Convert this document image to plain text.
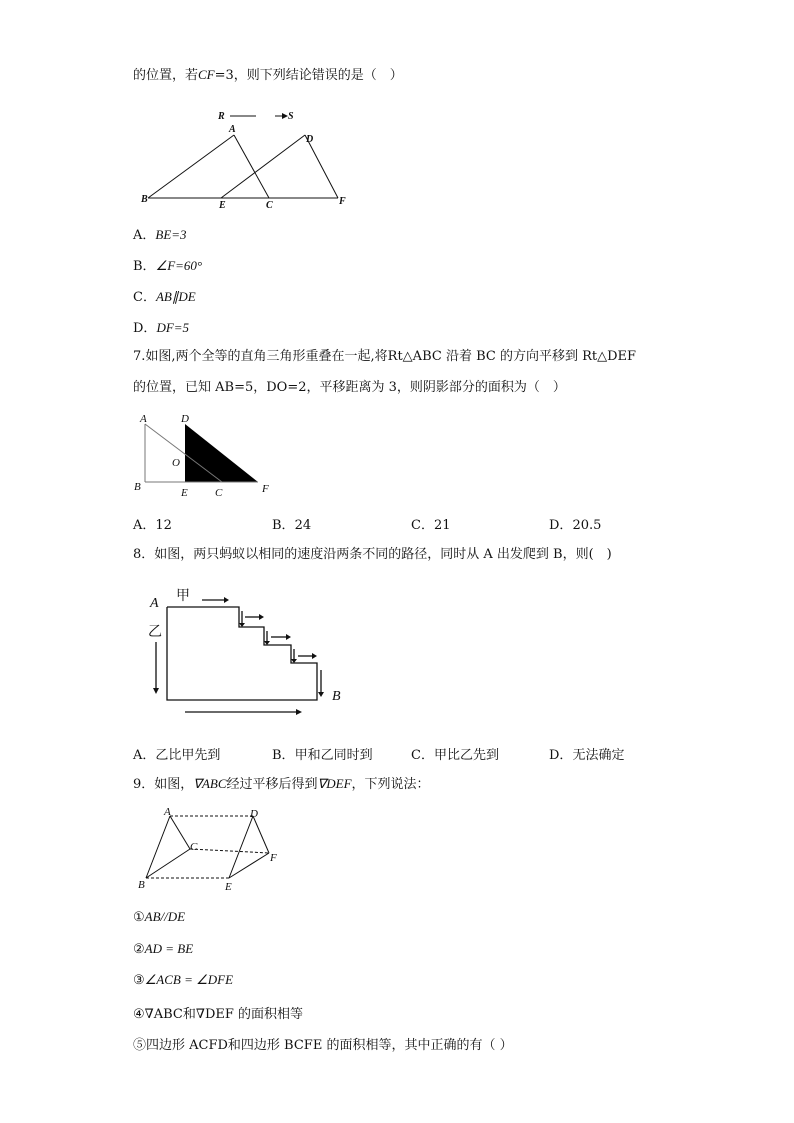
的位置，若CF=3，则下列结论错误的是（　）
R	S
A
B
C
D
E	F
A．BE=3
B．∠F=60°
C．AB∥DE
D．DF=5
7.如图,两个全等的直角三角形重叠在一起,将Rt△ABC 沿着 BC 的方向平移到 Rt△DEF
的位置，已知 AB=5，DO=2，平移距离为 3，则阴影部分的面积为（　）
A	D
O
B	E C	F
A．12	B．24	C．21	D．20.5
8．如图，两只蚂蚁以相同的速度沿两条不同的路径，同时从 A 出发爬到 B，则(　)
A 甲
乙
B
A．乙比甲先到	B．甲和乙同时到	C．甲比乙先到	D．无法确定
9．如图，∇ABC经过平移后得到∇DEF，下列说法：
A
B
C
D
E
F
①AB//DE
②AD = BE
③∠ACB = ∠DFE
④∇ABC和∇DEF 的面积相等
⑤四边形 ACFD和四边形 BCFE 的面积相等，其中正确的有（ ）
